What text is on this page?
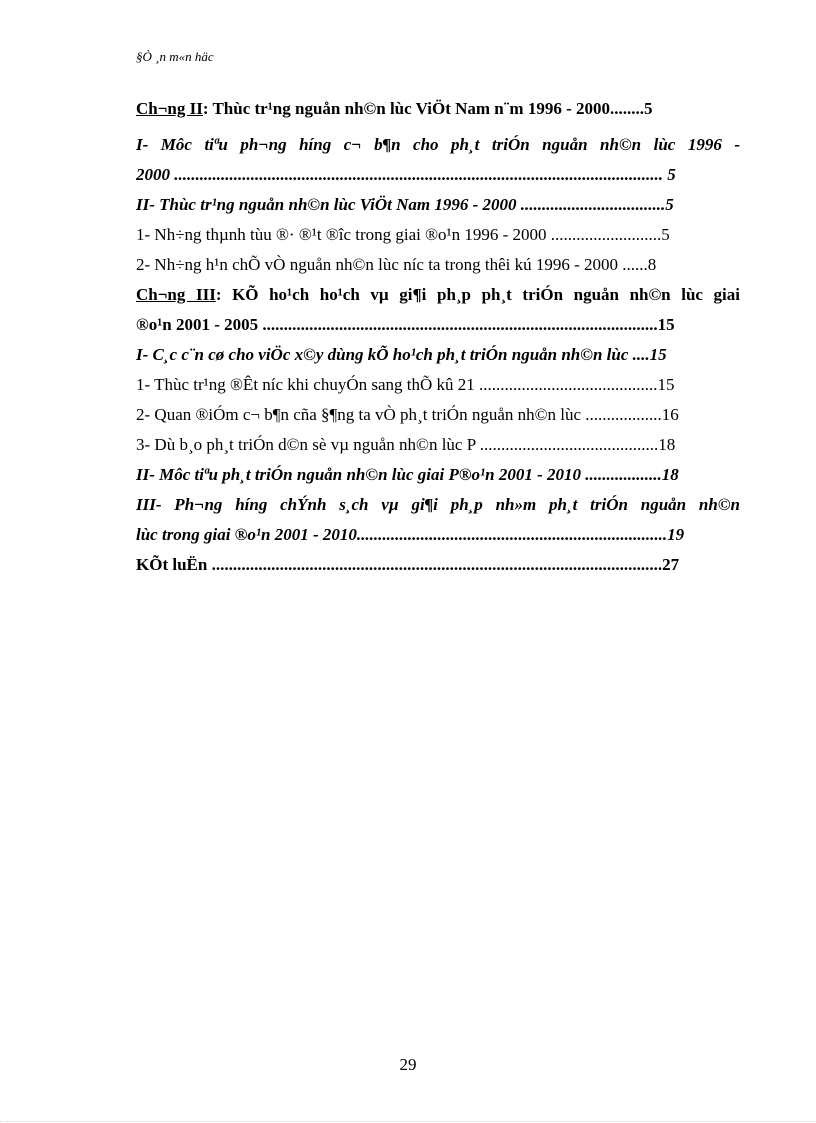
§Ò ¸n m«n häc
Ch¬ng II: Thùc tr¹ng nguån nh©n lùc ViÖt Nam n¨m 1996 - 2000........5
I- Môc tiªu ph¬ng híng c¬ b¶n cho ph¸t triÓn nguån nh©n lùc 1996 -
2000 ................................................................................................................... 5
II- Thùc tr¹ng nguån nh©n lùc ViÖt Nam 1996 - 2000 ..................................5
1- Nh÷ng thµnh tùu ®· ®¹t ®îc trong giai ®o¹n 1996 - 2000 ..........................5
2- Nh÷ng h¹n chÕ vÒ nguån nh©n lùc níc ta trong thêi kú 1996 - 2000 ......8
Ch¬ng III: KÕ ho¹ch ho¹ch vµ gi¶i ph¸p ph¸t triÓn nguån nh©n lùc giai
®o¹n 2001 - 2005 .............................................................................................15
I- C¸c c¨n cø cho viÖc x©y dùng kÕ ho¹ch ph¸t triÓn nguån nh©n lùc ....15
1- Thùc tr¹ng ®Êt níc khi chuyÓn sang thÕ kû 21 ..........................................15
2- Quan ®iÓm c¬ b¶n cña §¶ng ta vÒ ph¸t triÓn nguån nh©n lùc ..................16
3- Dù b¸o ph¸t triÓn d©n sè vµ nguån nh©n lùc P ..........................................18
II- Môc tiªu ph¸t triÓn nguån nh©n lùc giai P®o¹n 2001 - 2010 ..................18
III- Ph¬ng híng chÝnh s¸ch vµ gi¶i ph¸p nh»m ph¸t triÓn nguån nh©n
lùc trong giai ®o¹n 2001 - 2010.........................................................................19
KÕt luËn ..........................................................................................................27
29
